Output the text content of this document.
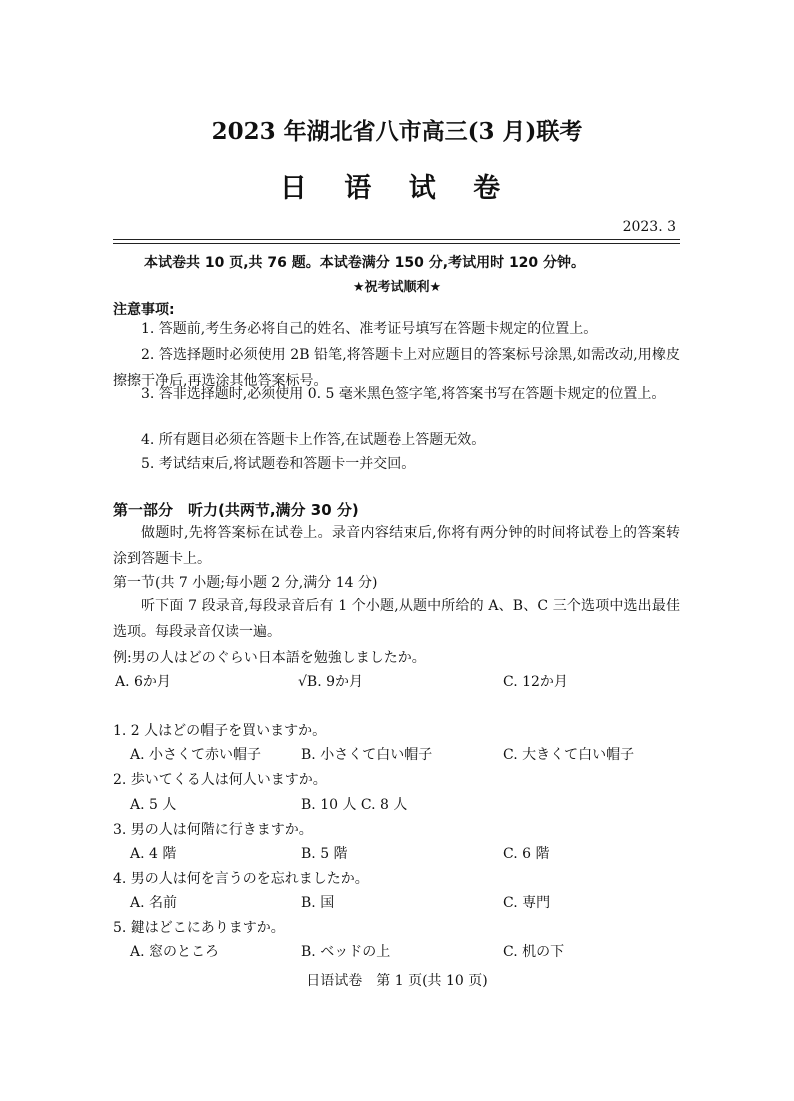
2023 年湖北省八市高三(3 月)联考
日 语 试 卷
2023. 3
本试卷共 10 页,共 76 题。本试卷满分 150 分,考试用时 120 分钟。
★祝考试顺利★
注意事项:
1. 答题前,考生务必将自己的姓名、准考证号填写在答题卡规定的位置上。
2. 答选择题时必须使用 2B 铅笔,将答题卡上对应题目的答案标号涂黑,如需改动,用橡皮擦擦干净后,再选涂其他答案标号。
3. 答非选择题时,必须使用 0. 5 毫米黑色签字笔,将答案书写在答题卡规定的位置上。
4. 所有题目必须在答题卡上作答,在试题卷上答题无效。
5. 考试结束后,将试题卷和答题卡一并交回。
第一部分　听力(共两节,满分 30 分)
做题时,先将答案标在试卷上。录音内容结束后,你将有两分钟的时间将试卷上的答案转涂到答题卡上。
第一节(共 7 小题;每小题 2 分,满分 14 分)
听下面 7 段录音,每段录音后有 1 个小题,从题中所给的 A、B、C 三个选项中选出最佳选项。每段录音仅读一遍。
例:男の人はどのぐらい日本語を勉強しましたか。
A. 6か月	√B. 9か月	C. 12か月
1. 2 人はどの帽子を買いますか。
A. 小さくて赤い帽子	B. 小さくて白い帽子	C. 大きくて白い帽子
2. 歩いてくる人は何人いますか。
A. 5 人	B. 10 人 C. 8 人
3. 男の人は何階に行きますか。
A. 4 階	B. 5 階	C. 6 階
4. 男の人は何を言うのを忘れましたか。
A. 名前	B. 国	C. 専門
5. 鍵はどこにありますか。
A. 窓のところ	B. ベッドの上	C. 机の下
日语试卷　第 1 页(共 10 页)
